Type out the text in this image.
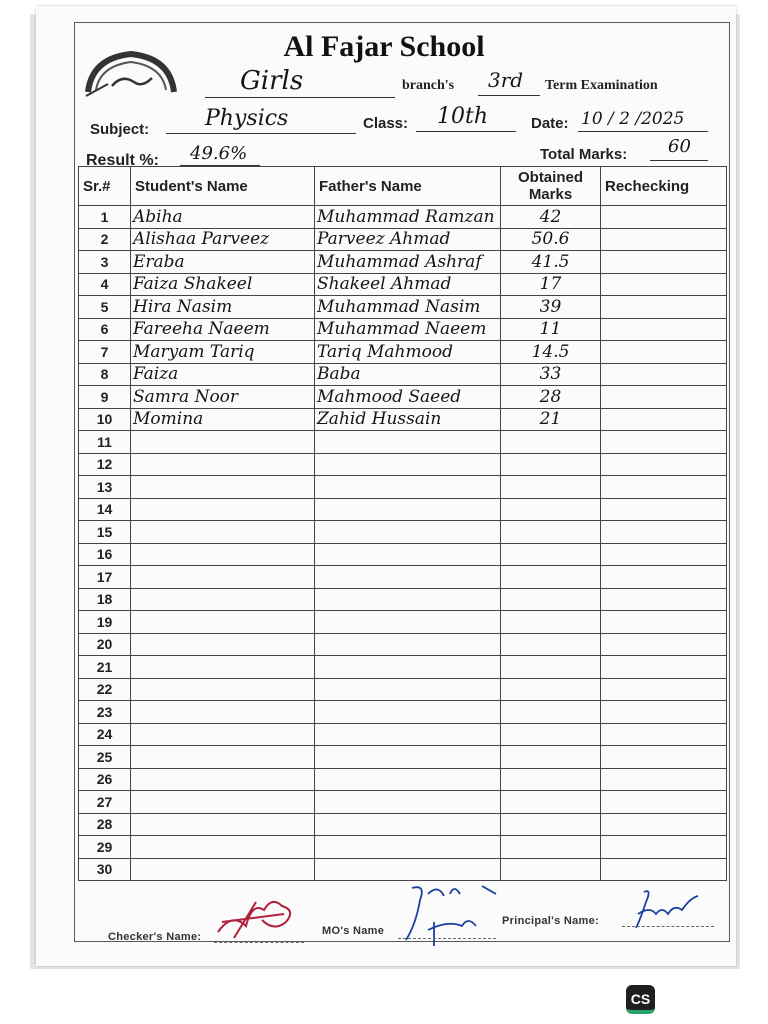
Al Fajar School
Girls	branch's 3rd Term Examination
Subject:	Physics	Class: 10th	Date: 10 / 2 /2025
Result %: 49.6%	Total Marks: 60
Sr.#	Student's Name	Father's Name	Obtained Marks	Rechecking
1	Abiha	Muhammad Ramzan	42	
2	Alishaa Parveez	Parveez Ahmad	50.6	
3	Eraba	Muhammad Ashraf	41.5	
4	Faiza Shakeel	Shakeel Ahmad	17	
5	Hira Nasim	Muhammad Nasim	39	
6	Fareeha Naeem	Muhammad Naeem	11	
7	Maryam Tariq	Tariq Mahmood	14.5	
8	Faiza	Baba	33	
9	Samra Noor	Mahmood Saeed	28	
10	Momina	Zahid Hussain	21	
11				
12				
13				
14				
15				
16				
17				
18				
19				
20				
21				
22				
23				
24				
25				
26				
27				
28				
29				
30				
Checker's Name:	MO's Name
Principal's Name:
CS
